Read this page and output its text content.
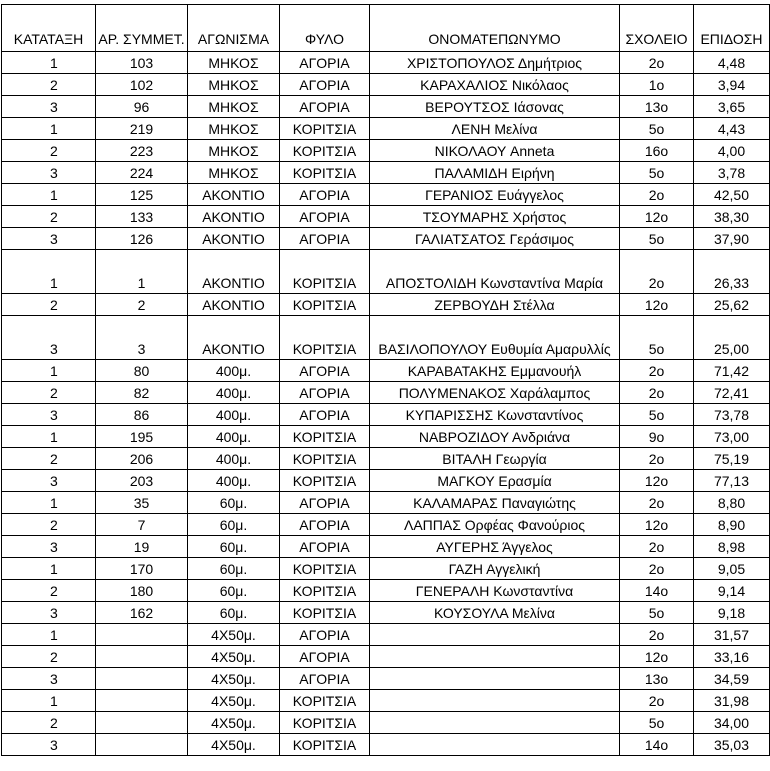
ΚΑΤΑΤΑΞΗ	ΑΡ. ΣΥΜΜΕΤ.	ΑΓΩΝΙΣΜΑ	ΦΥΛΟ	ΟΝΟΜΑΤΕΠΩΝΥΜΟ	ΣΧΟΛΕΙΟ	ΕΠΙΔΟΣΗ
1	103	ΜΗΚΟΣ	ΑΓΟΡΙΑ	ΧΡΙΣΤΟΠΟΥΛΟΣ Δημήτριος	2ο	4,48
2	102	ΜΗΚΟΣ	ΑΓΟΡΙΑ	ΚΑΡΑΧΑΛΙΟΣ Νικόλαος	1ο	3,94
3	96	ΜΗΚΟΣ	ΑΓΟΡΙΑ	ΒΕΡΟΥΤΣΟΣ Ιάσονας	13ο	3,65
1	219	ΜΗΚΟΣ	ΚΟΡΙΤΣΙΑ	ΛΕΝΗ Μελίνα	5ο	4,43
2	223	ΜΗΚΟΣ	ΚΟΡΙΤΣΙΑ	ΝΙΚΟΛΑΟΥ Anneta	16ο	4,00
3	224	ΜΗΚΟΣ	ΚΟΡΙΤΣΙΑ	ΠΑΛΑΜΙΔΗ Ειρήνη	5ο	3,78
1	125	ΑΚΟΝΤΙΟ	ΑΓΟΡΙΑ	ΓΕΡΑΝΙΟΣ Ευάγγελος	2ο	42,50
2	133	ΑΚΟΝΤΙΟ	ΑΓΟΡΙΑ	ΤΣΟΥΜΑΡΗΣ Χρήστος	12ο	38,30
3	126	ΑΚΟΝΤΙΟ	ΑΓΟΡΙΑ	ΓΑΛΙΑΤΣΑΤΟΣ Γεράσιμος	5ο	37,90
1	1	ΑΚΟΝΤΙΟ	ΚΟΡΙΤΣΙΑ	ΑΠΟΣΤΟΛΙΔΗ Κωνσταντίνα Μαρία	2ο	26,33
2	2	ΑΚΟΝΤΙΟ	ΚΟΡΙΤΣΙΑ	ΖΕΡΒΟΥΔΗ Στέλλα	12ο	25,62
3	3	ΑΚΟΝΤΙΟ	ΚΟΡΙΤΣΙΑ	ΒΑΣΙΛΟΠΟΥΛΟΥ Ευθυμία Αμαρυλλίς	5ο	25,00
1	80	400μ.	ΑΓΟΡΙΑ	ΚΑΡΑΒΑΤΑΚΗΣ Εμμανουήλ	2ο	71,42
2	82	400μ.	ΑΓΟΡΙΑ	ΠΟΛΥΜΕΝΑΚΟΣ Χαράλαμπος	2ο	72,41
3	86	400μ.	ΑΓΟΡΙΑ	ΚΥΠΑΡΙΣΣΗΣ Κωνσταντίνος	5ο	73,78
1	195	400μ.	ΚΟΡΙΤΣΙΑ	ΝΑΒΡΟΖΙΔΟΥ Ανδριάνα	9ο	73,00
2	206	400μ.	ΚΟΡΙΤΣΙΑ	ΒΙΤΑΛΗ Γεωργία	2ο	75,19
3	203	400μ.	ΚΟΡΙΤΣΙΑ	ΜΑΓΚΟΥ Ερασμία	12ο	77,13
1	35	60μ.	ΑΓΟΡΙΑ	ΚΑΛΑΜΑΡΑΣ Παναγιώτης	2ο	8,80
2	7	60μ.	ΑΓΟΡΙΑ	ΛΑΠΠΑΣ Ορφέας Φανούριος	12ο	8,90
3	19	60μ.	ΑΓΟΡΙΑ	ΑΥΓΕΡΗΣ Άγγελος	2ο	8,98
1	170	60μ.	ΚΟΡΙΤΣΙΑ	ΓΑΖΗ Αγγελική	2ο	9,05
2	180	60μ.	ΚΟΡΙΤΣΙΑ	ΓΕΝΕΡΑΛΗ Κωνσταντίνα	14ο	9,14
3	162	60μ.	ΚΟΡΙΤΣΙΑ	ΚΟΥΣΟΥΛΑ Μελίνα	5ο	9,18
1		4Χ50μ.	ΑΓΟΡΙΑ		2ο	31,57
2		4Χ50μ.	ΑΓΟΡΙΑ		12ο	33,16
3		4Χ50μ.	ΑΓΟΡΙΑ		13ο	34,59
1		4Χ50μ.	ΚΟΡΙΤΣΙΑ		2ο	31,98
2		4Χ50μ.	ΚΟΡΙΤΣΙΑ		5ο	34,00
3		4Χ50μ.	ΚΟΡΙΤΣΙΑ		14ο	35,03
